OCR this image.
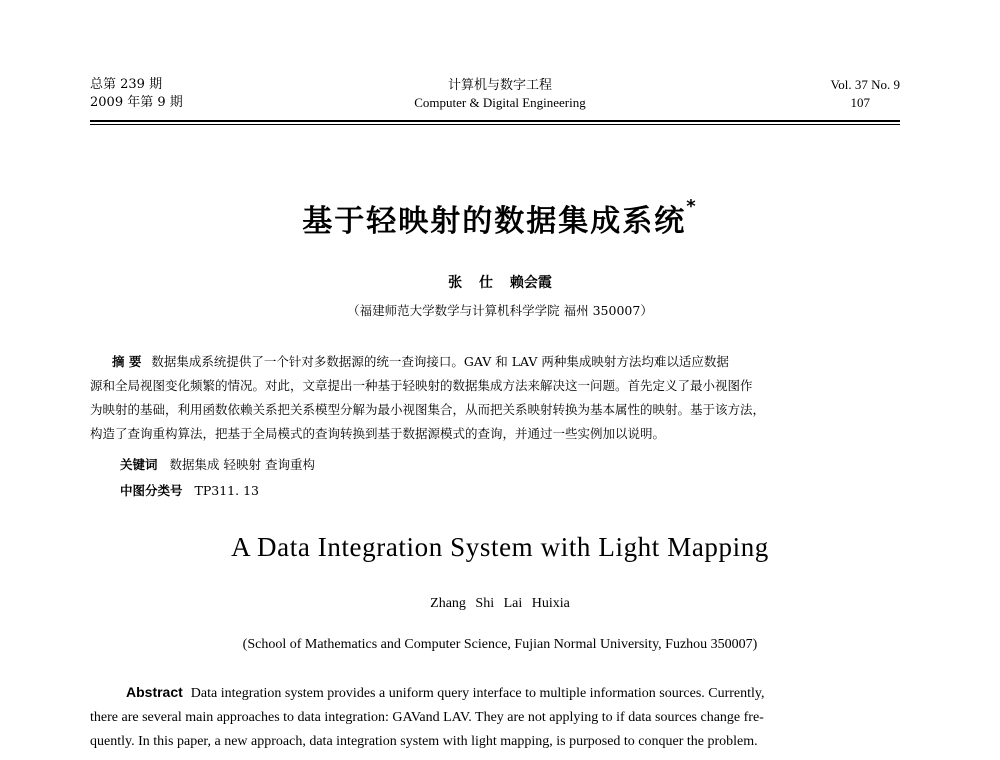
总第 239 期
2009 年第 9 期
计算机与数字工程
Computer & Digital Engineering
Vol. 37 No. 9
107
基于轻映射的数据集成系统*
张 仕 赖会霞
（福建师范大学数学与计算机科学学院 福州 350007）
摘 要 数据集成系统提供了一个针对多数据源的统一查询接口。GAV 和 LAV 两种集成映射方法均难以适应数据
源和全局视图变化频繁的情况。对此，文章提出一种基于轻映射的数据集成方法来解决这一问题。首先定义了最小视图作
为映射的基础，利用函数依赖关系把关系模型分解为最小视图集合，从而把关系映射转换为基本属性的映射。基于该方法，
构造了查询重构算法，把基于全局模式的查询转换到基于数据源模式的查询，并通过一些实例加以说明。
关键词 数据集成 轻映射 查询重构
中图分类号 TP311. 13
A Data Integration System with Light Mapping
Zhang Shi Lai Huixia
(School of Mathematics and Computer Science, Fujian Normal University, Fuzhou 350007)
Abstract Data integration system provides a uniform query interface to multiple information sources. Currently,
there are several main approaches to data integration: GAVand LAV. They are not applying to if data sources change fre-
quently. In this paper, a new approach, data integration system with light mapping, is purposed to conquer the problem.
